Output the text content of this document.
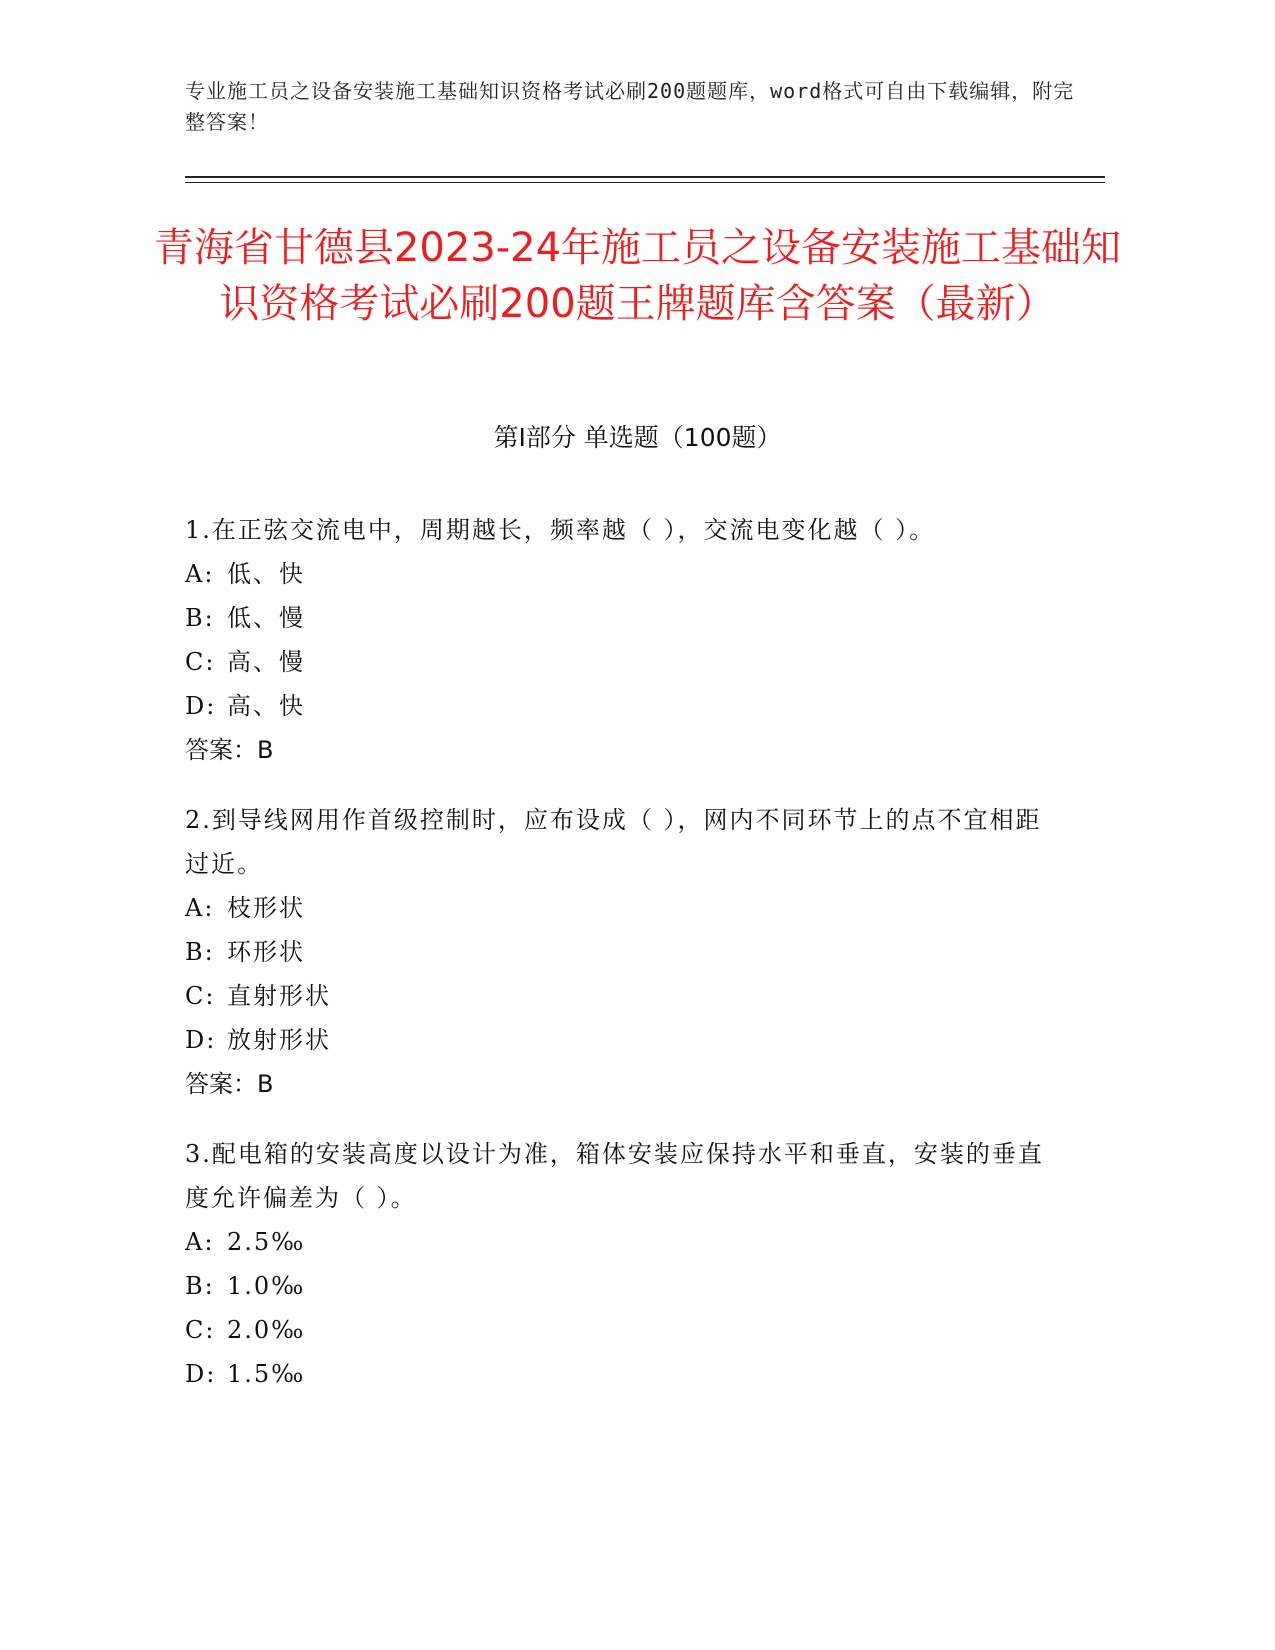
专业施工员之设备安装施工基础知识资格考试必刷200题题库，word格式可自由下载编辑，附完整答案！
青海省甘德县2023-24年施工员之设备安装施工基础知识资格考试必刷200题王牌题库含答案（最新）
第Ⅰ部分 单选题（100题）
1.在正弦交流电中，周期越长，频率越（ ），交流电变化越（ ）。
A: 低、快
B: 低、慢
C: 高、慢
D: 高、快
答案：B
2.到导线网用作首级控制时，应布设成（ ），网内不同环节上的点不宜相距过近。
A: 枝形状
B: 环形状
C: 直射形状
D: 放射形状
答案：B
3.配电箱的安装高度以设计为准，箱体安装应保持水平和垂直，安装的垂直度允许偏差为（ ）。
A: 2.5‰
B: 1.0‰
C: 2.0‰
D: 1.5‰
